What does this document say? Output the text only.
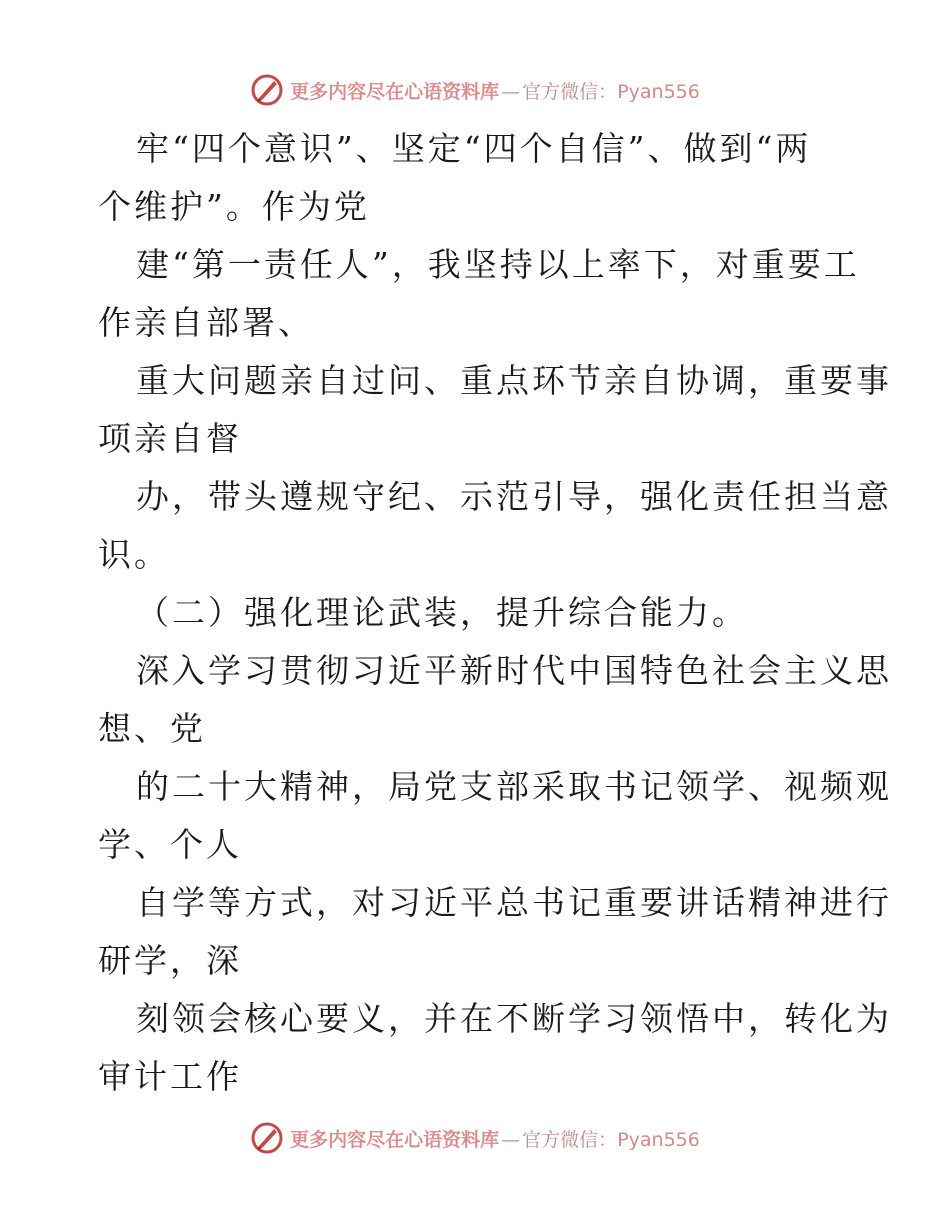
更多内容尽在心语资料库 — 官方微信：Pyan556
牢“四个意识”、坚定“四个自信”、做到“两
个维护”。作为党
建“第一责任人”，我坚持以上率下，对重要工
作亲自部署、
重大问题亲自过问、重点环节亲自协调，重要事
项亲自督
办，带头遵规守纪、示范引导，强化责任担当意
识。
（二）强化理论武装，提升综合能力。
深入学习贯彻习近平新时代中国特色社会主义思
想、党
的二十大精神，局党支部采取书记领学、视频观
学、个人
自学等方式，对习近平总书记重要讲话精神进行
研学，深
刻领会核心要义，并在不断学习领悟中，转化为
审计工作
更多内容尽在心语资料库 — 官方微信：Pyan556
